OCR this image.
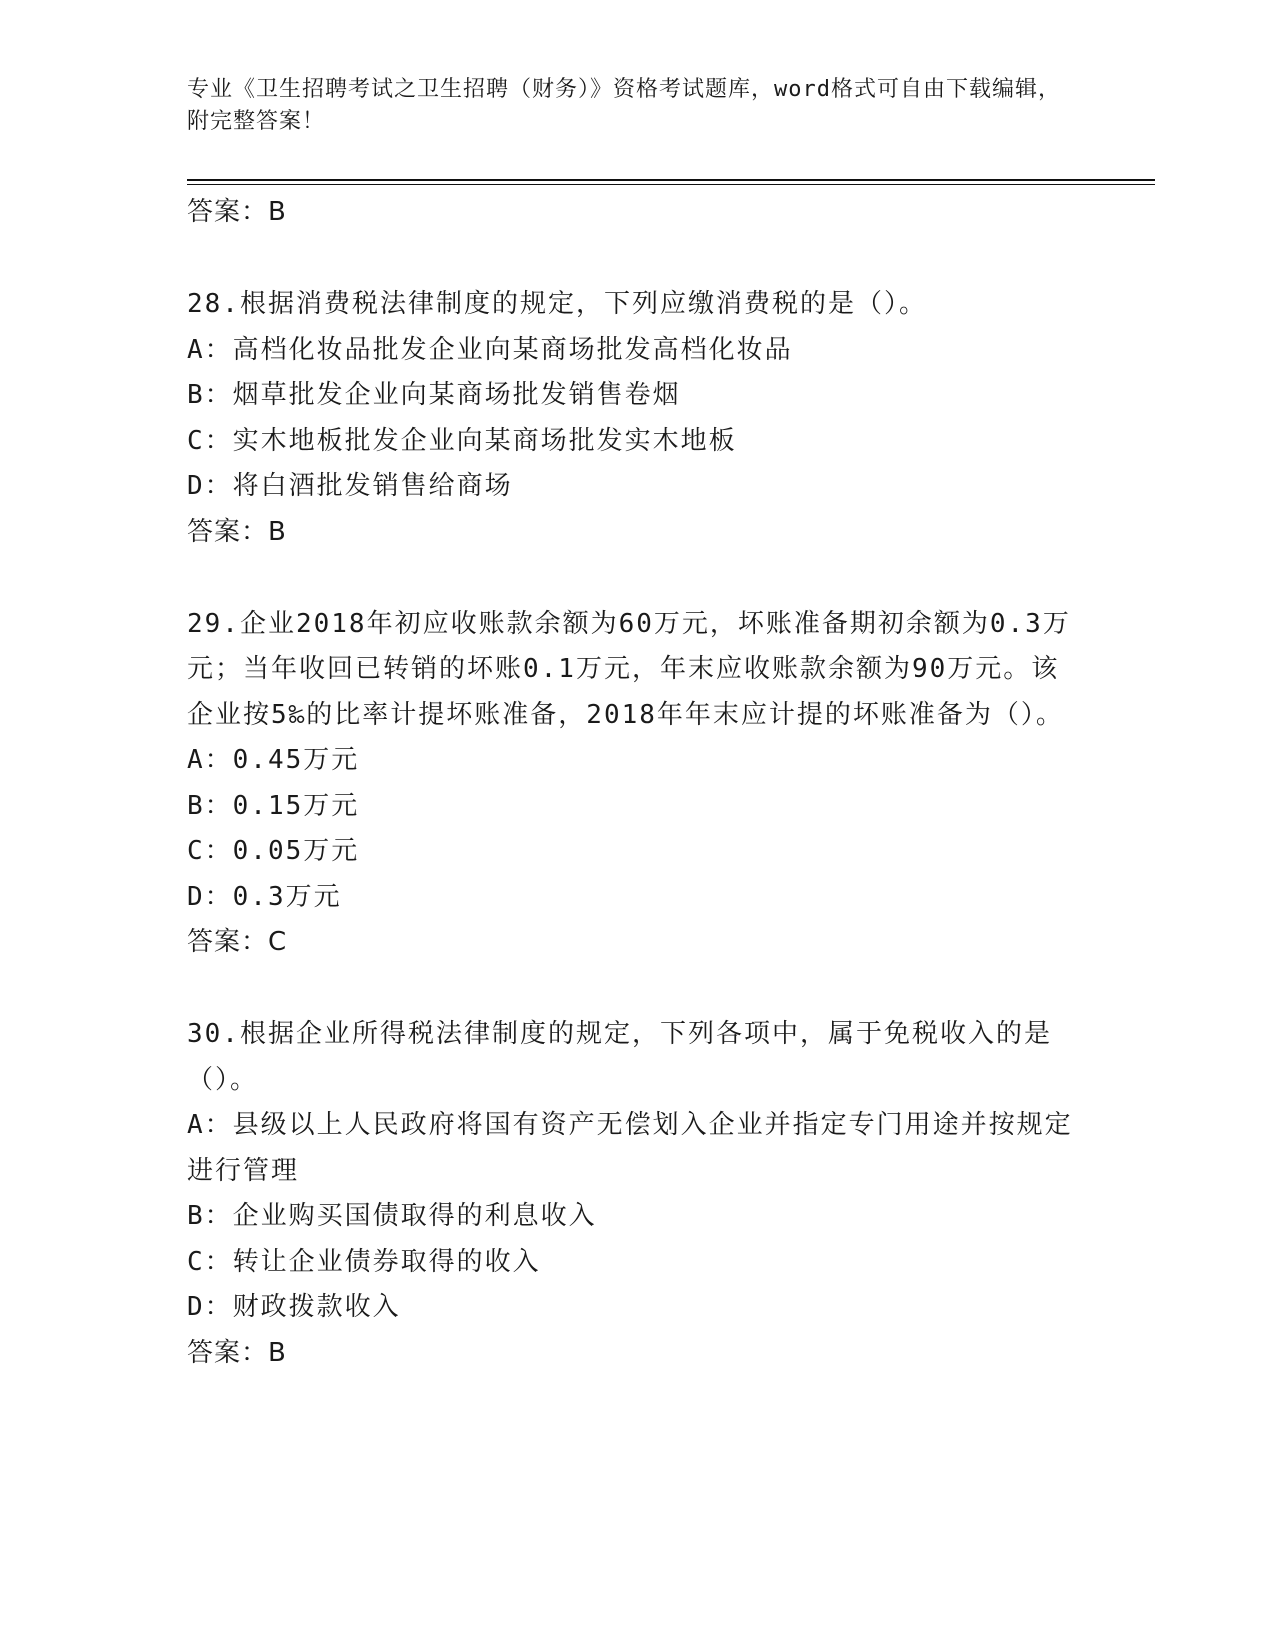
专业《卫生招聘考试之卫生招聘（财务）》资格考试题库，word格式可自由下载编辑，附完整答案！
答案：B
28.根据消费税法律制度的规定，下列应缴消费税的是（）。
A：高档化妆品批发企业向某商场批发高档化妆品
B：烟草批发企业向某商场批发销售卷烟
C：实木地板批发企业向某商场批发实木地板
D：将白酒批发销售给商场
答案：B
29.企业2018年初应收账款余额为60万元，坏账准备期初余额为0.3万元；当年收回已转销的坏账0.1万元，年末应收账款余额为90万元。该企业按5‰的比率计提坏账准备，2018年年末应计提的坏账准备为（）。
A：0.45万元
B：0.15万元
C：0.05万元
D：0.3万元
答案：C
30.根据企业所得税法律制度的规定，下列各项中，属于免税收入的是（）。
A：县级以上人民政府将国有资产无偿划入企业并指定专门用途并按规定进行管理
B：企业购买国债取得的利息收入
C：转让企业债券取得的收入
D：财政拨款收入
答案：B
